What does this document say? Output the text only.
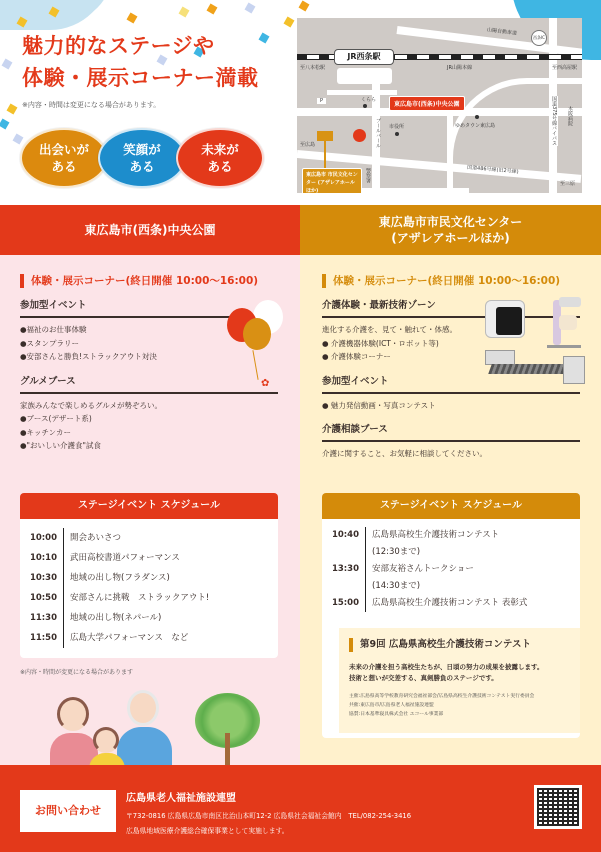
魅力的なステージや
体験・展示コーナー満載
※内容・時間は変更になる場合があります。
出会いが
ある
笑顔が
ある
未来が
ある
JR西条駅
山陽自動車道
西条IC
至八本松駅	JR山陽本線	至西高屋駅
くらら
P	東広島市(西条)中央公園
市役所	ゆめタウン東広島
ブールバール	国道375号線バイパス 木阪病院
至広島
国道486号線(旧2号線)
至三原
警察署
東広島市 市民文化センター (アザレアホールほか)
東広島市(西条)中央公園
体験・展示コーナー(終日開催 10:00〜16:00)
参加型イベント
●福祉のお仕事体験
●スタンプラリー
●安部さんと勝負!ストラックアウト対決
グルメブース
家族みんなで楽しめるグルメが勢ぞろい。
●ブース(デザート系)
●キッチンカー
●"おいしい介護食"試食
✿
ステージイベント スケジュール
10:00	開会あいさつ
10:10	武田高校書道パフォーマンス
10:30	地域の出し物(フラダンス)
10:50	安部さんに挑戦　ストラックアウト!
11:30	地域の出し物(ネパール)
11:50	広島大学パフォーマンス　など
※内容・時間が変更になる場合があります
東広島市市民文化センター
(アザレアホールほか)
体験・展示コーナー(終日開催 10:00〜16:00)
介護体験・最新技術ゾーン
進化する介護を、見て・触れて・体感。
● 介護機器体験(ICT・ロボット等)
● 介護体験コーナー
参加型イベント
● 魅力発信動画・写真コンテスト
介護相談ブース
介護に関すること、お気軽に相談してください。
ステージイベント スケジュール
10:40	広島県高校生介護技術コンテスト
(12:30まで)
13:30	安部友裕さんトークショー
(14:30まで)
15:00	広島県高校生介護技術コンテスト 表彰式
第9回 広島県高校生介護技術コンテスト
未来の介護を担う高校生たちが、日頃の努力の成果を披露します。
技術と想いが交差する、真剣勝負のステージです。
主催:広島県高等学校教育研究会福祉部会/広島県高校生介護技術コンテスト実行委員会
共催:東広島市/広島県老人福祉施設連盟
協賛:日本基準寝具株式会社 エコール事業部
お問い合わせ
広島県老人福祉施設連盟
〒732-0816 広島県広島市南区比治山本町12-2 広島県社会福祉会館内　TEL/082-254-3416
広島県地域医療介護総合確保事業として実施します。
